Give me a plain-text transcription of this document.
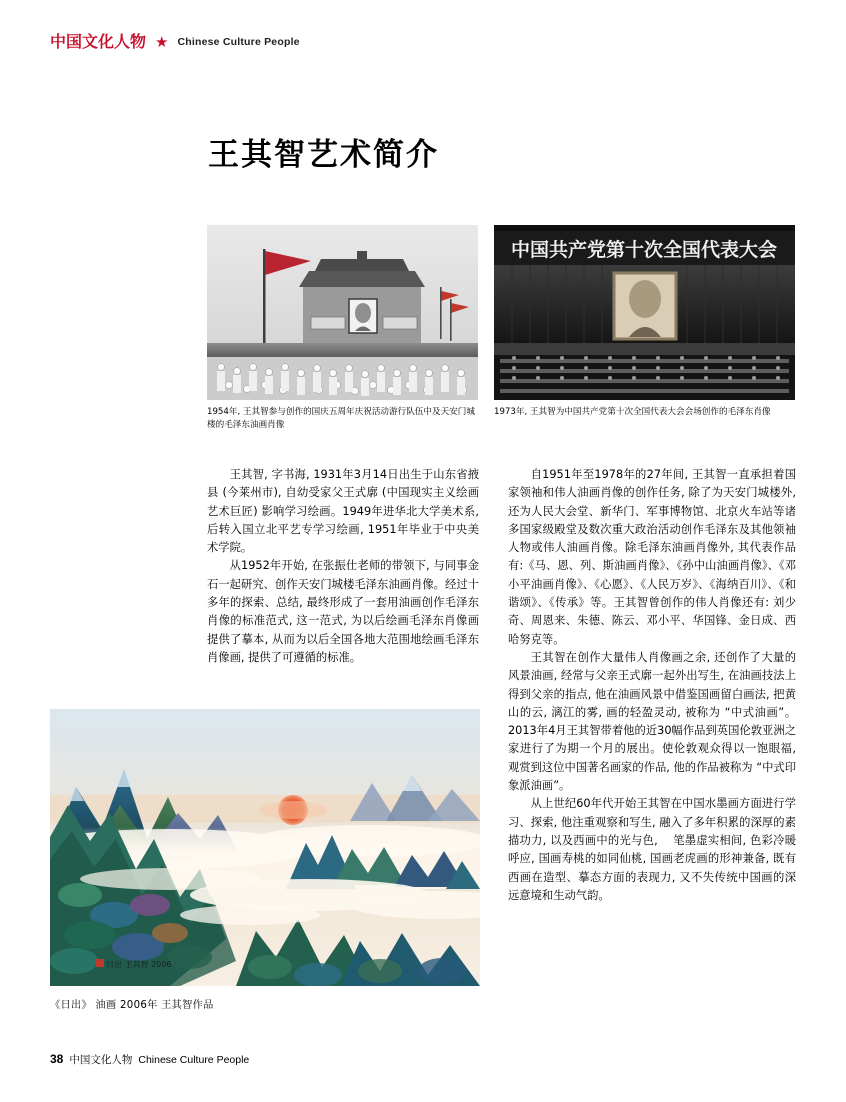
中国文化人物 ★ Chinese Culture People
王其智艺术简介
中国共产党第十次全国代表大会
1954年, 王其智参与创作的国庆五周年庆祝活动游行队伍中及天安门城楼的毛泽东油画肖像
1973年, 王其智为中国共产党第十次全国代表大会会场创作的毛泽东肖像

王其智, 字书海, 1931年3月14日出生于山东省掖县 (今莱州市), 自幼受家父王式廓 (中国现实主义绘画艺术巨匠) 影响学习绘画。1949年进华北大学美术系, 后转入国立北平艺专学习绘画, 1951年毕业于中央美术学院。

从1952年开始, 在张振仕老师的带领下, 与同事金石一起研究、创作天安门城楼毛泽东油画肖像。经过十多年的探索、总结, 最终形成了一套用油画创作毛泽东肖像的标准范式, 这一范式, 为以后绘画毛泽东肖像画提供了摹本, 从而为以后全国各地大范围地绘画毛泽东肖像画, 提供了可遵循的标准。

自1951年至1978年的27年间, 王其智一直承担着国家领袖和伟人油画肖像的创作任务, 除了为天安门城楼外, 还为人民大会堂、新华门、军事博物馆、北京火车站等诸多国家级殿堂及数次重大政治活动创作毛泽东及其他领袖人物或伟人油画肖像。除毛泽东油画肖像外, 其代表作品有:《马、恩、列、斯油画肖像》、《孙中山油画肖像》、《邓小平油画肖像》、《心愿》、《人民万岁》、《海纳百川》、《和谐颂》、《传承》等。王其智曾创作的伟人肖像还有: 刘少奇、周恩来、朱德、陈云、邓小平、华国锋、金日成、西哈努克等。

王其智在创作大量伟人肖像画之余, 还创作了大量的风景油画, 经常与父亲王式廓一起外出写生, 在油画技法上得到父亲的指点, 他在油画风景中借鉴国画留白画法, 把黄山的云, 漓江的雾, 画的轻盈灵动, 被称为 “中式油画”。2013年4月王其智带着他的近30幅作品到英国伦敦亚洲之家进行了为期一个月的展出。使伦敦观众得以一饱眼福, 观赏到这位中国著名画家的作品, 他的作品被称为 “中式印象派油画”。

从上世纪60年代开始王其智在中国水墨画方面进行学习、探索, 他注重观察和写生, 融入了多年积累的深厚的素描功力, 以及西画中的光与色, 　笔墨虚实相间, 色彩冷暖呼应, 国画寿桃的如同仙桃, 国画老虎画的形神兼备, 既有西画在造型、摹态方面的表现力, 又不失传统中国画的深远意境和生动气韵。

日出 王其智 2006
《日出》 油画 2006年 王其智作品
38 中国文化人物 Chinese Culture People
